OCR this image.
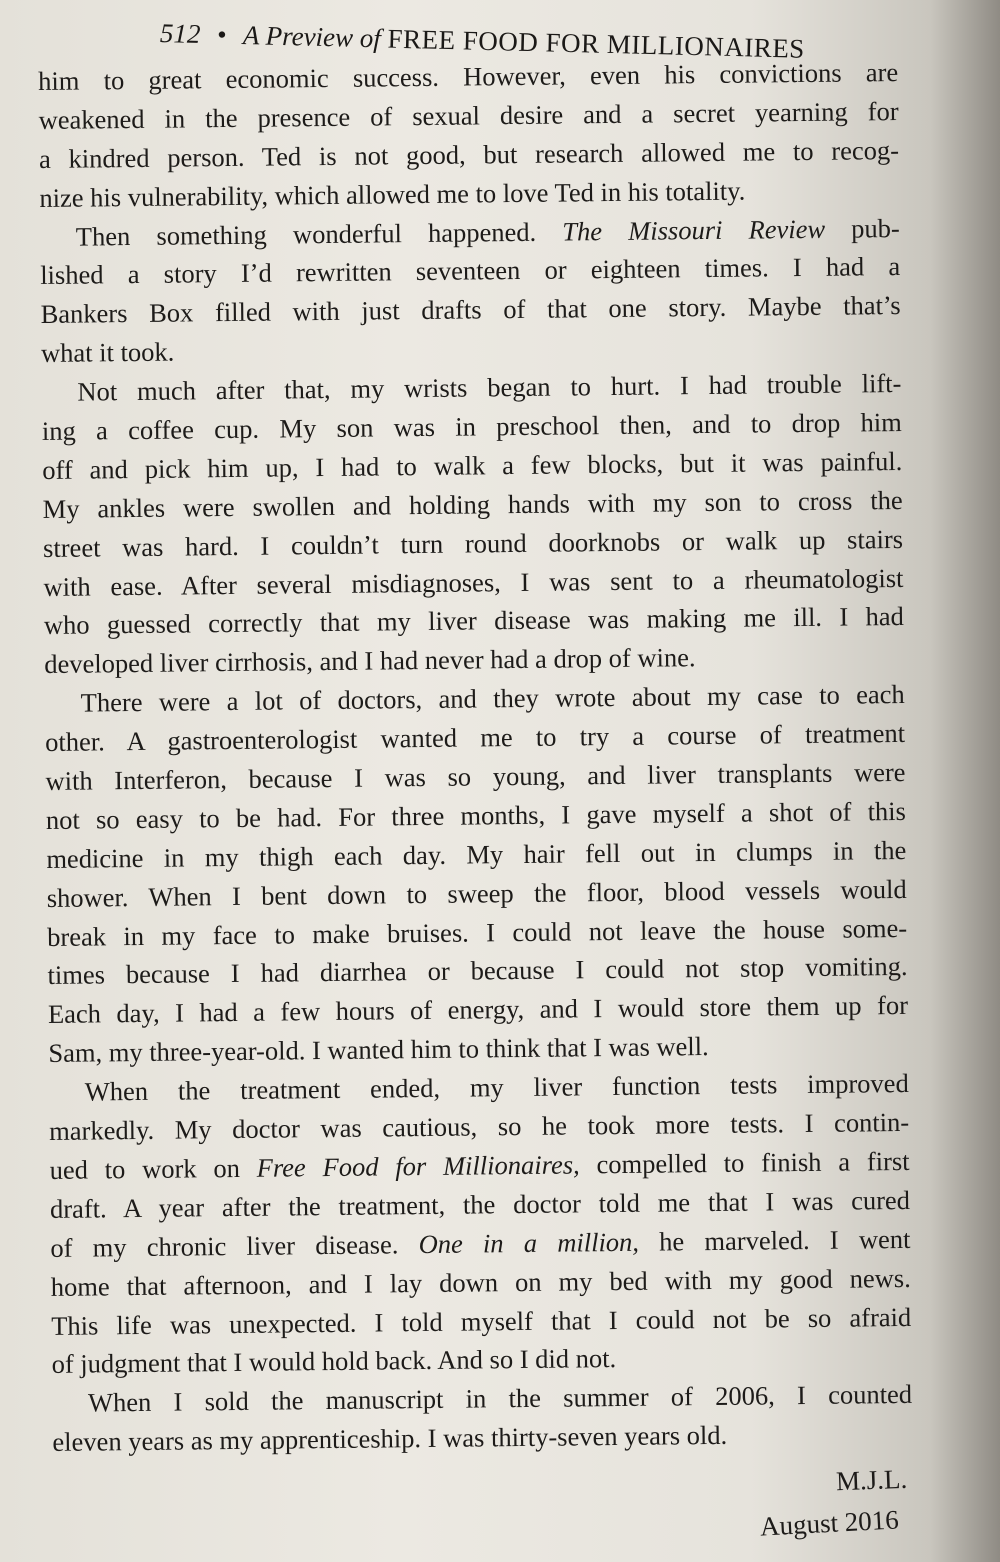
512 • A Preview of FREE FOOD FOR MILLIONAIRES
him to great economic success. However, even his convictions are
weakened in the presence of sexual desire and a secret yearning for
a kindred person. Ted is not good, but research allowed me to recog-
nize his vulnerability, which allowed me to love Ted in his totality.
Then something wonderful happened. The Missouri Review pub-
lished a story I’d rewritten seventeen or eighteen times. I had a
Bankers Box filled with just drafts of that one story. Maybe that’s
what it took.
Not much after that, my wrists began to hurt. I had trouble lift-
ing a coffee cup. My son was in preschool then, and to drop him
off and pick him up, I had to walk a few blocks, but it was painful.
My ankles were swollen and holding hands with my son to cross the
street was hard. I couldn’t turn round doorknobs or walk up stairs
with ease. After several misdiagnoses, I was sent to a rheumatologist
who guessed correctly that my liver disease was making me ill. I had
developed liver cirrhosis, and I had never had a drop of wine.
There were a lot of doctors, and they wrote about my case to each
other. A gastroenterologist wanted me to try a course of treatment
with Interferon, because I was so young, and liver transplants were
not so easy to be had. For three months, I gave myself a shot of this
medicine in my thigh each day. My hair fell out in clumps in the
shower. When I bent down to sweep the floor, blood vessels would
break in my face to make bruises. I could not leave the house some-
times because I had diarrhea or because I could not stop vomiting.
Each day, I had a few hours of energy, and I would store them up for
Sam, my three-year-old. I wanted him to think that I was well.
When the treatment ended, my liver function tests improved
markedly. My doctor was cautious, so he took more tests. I contin-
ued to work on Free Food for Millionaires, compelled to finish a first
draft. A year after the treatment, the doctor told me that I was cured
of my chronic liver disease. One in a million, he marveled. I went
home that afternoon, and I lay down on my bed with my good news.
This life was unexpected. I told myself that I could not be so afraid
of judgment that I would hold back. And so I did not.
When I sold the manuscript in the summer of 2006, I counted
eleven years as my apprenticeship. I was thirty-seven years old.
M.J.L.
August 2016
